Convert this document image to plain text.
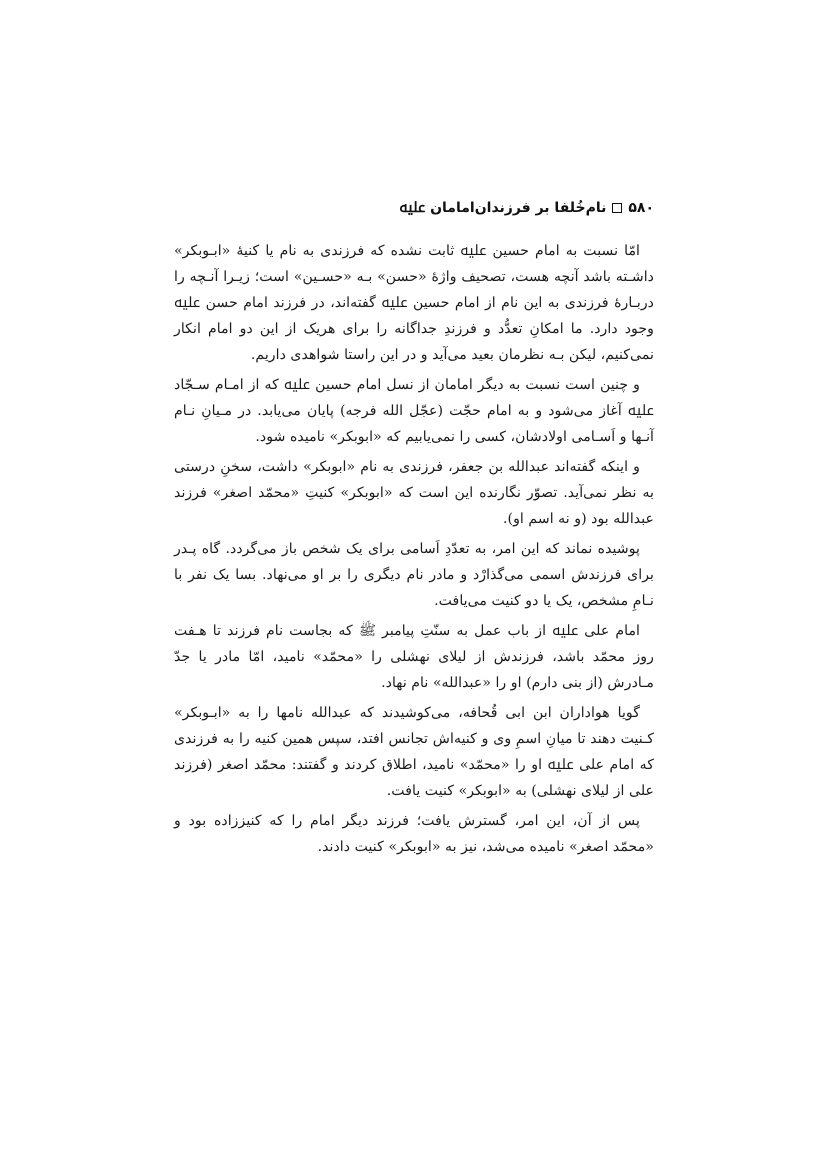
۵۸۰
نام‌خُلفا بر فرزندان‌امامان ﷷ

امّا نسبت به امام حسین ﷷ ثابت نشده که فرزندی به نام یا کنیهٔ «ابـوبکر» داشـته باشد آنچه هست، تصحیف واژهٔ «حسن» بـه «حسـین» است؛ زیـرا آنـچه را دربـارهٔ فرزندی به این نام از امام حسین ﷷ گفته‌اند، در فرزند امام حسن ﷷ وجود دارد. ما امکانِ تعدُّد و فرزندِ جداگانه را برای هریک از این دو امام انکار نمی‌کنیم، لیکن بـه نظرمان بعید می‌آید و در این راستا شواهدی داریم.

و چنین است نسبت به دیگر امامان از نسل امام حسین ﷷ که از امـام سـجّاد ﷷ آغاز می‌شود و به امام حجّت (عجّل الله فرجه) پایان می‌یابد. در مـیانِ نـام آنـها و اَسـامی اولادشان، کسی را نمی‌یابیم که «ابوبکر» نامیده شود.

و اینکه گفته‌اند عبدالله بن جعفر، فرزندی به نام «ابوبکر» داشت، سخنِ درستی به نظر نمی‌آید. تصوّر نگارنده این است که «ابوبکر» کنیتِ «محمّد اصغر» فرزند عبدالله بود (و نه اسم او).

پوشیده نماند که این امر، به تعدّدِ اَسامی برای یک شخص باز می‌گردد. گاه پـدر برای فرزندش اسمی می‌گذارْد و مادر نام دیگری را بر او می‌نهاد. بسا یک نفر با نـامِ مشخص، یک یا دو کنیت می‌یافت.

امام علی ﷷ از باب عمل به سنّتِ پیامبر ﷺ که بجاست نام فرزند تا هـفت روز محمّد باشد، فرزندش از لیلای نهشلی را «محمّد» نامید، امّا مادر یا جدّ مـادرش (از بنی دارم) او را «عبدالله» نام نهاد.

گویا هواداران ابن ابی قُحافه، می‌کوشیدند که عبدالله نامها را به «ابـوبکر» کـنیت دهند تا میانِ اسمِ وی و کنیه‌اش تجانس افتد، سپس همین کنیه را به فرزندی که امام علی ﷷ او را «محمّد» نامید، اطلاق کردند و گفتند: محمّد اصغر (فرزند علی از لیلای نهشلی) به «ابوبکر» کنیت یافت.

پس از آن، این امر، گسترش یافت؛ فرزند دیگر امام را که کنیززاده بود و «محمّد اصغر» نامیده می‌شد، نیز به «ابوبکر» کنیت دادند.
